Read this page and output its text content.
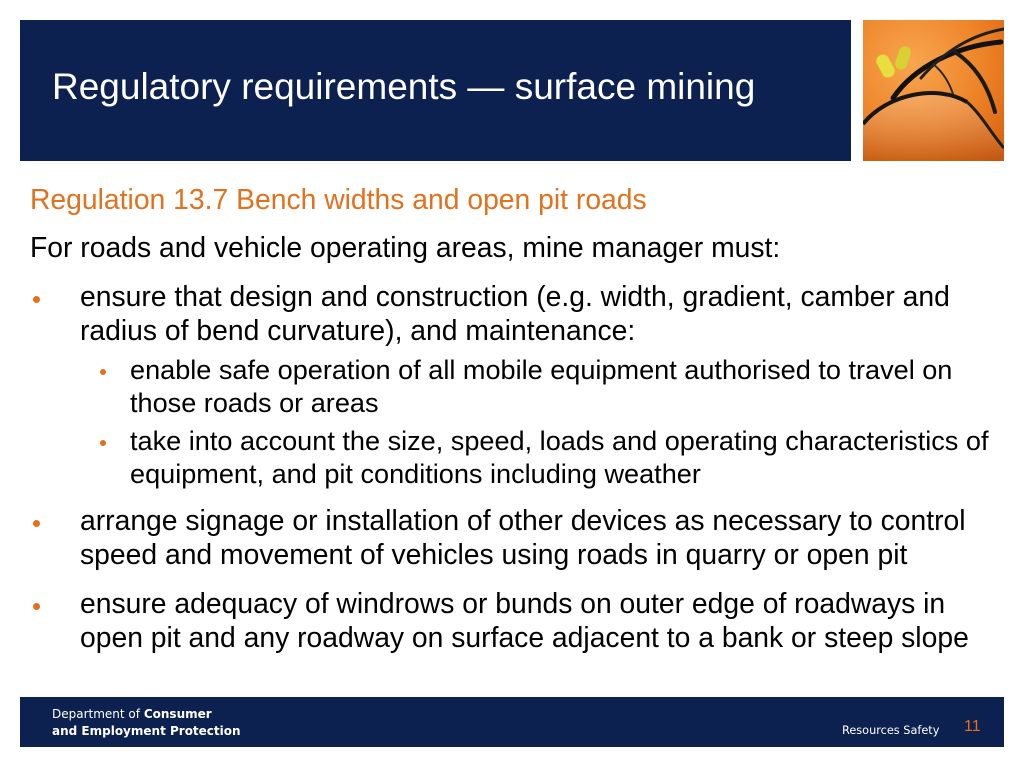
Regulatory requirements — surface mining
Regulation 13.7 Bench widths and open pit roads
For roads and vehicle operating areas, mine manager must:
ensure that design and construction (e.g. width, gradient, camber and
radius of bend curvature), and maintenance:
enable safe operation of all mobile equipment authorised to travel on
those roads or areas
take into account the size, speed, loads and operating characteristics of
equipment, and pit conditions including weather
arrange signage or installation of other devices as necessary to control
speed and movement of vehicles using roads in quarry or open pit
ensure adequacy of windrows or bunds on outer edge of roadways in
open pit and any roadway on surface adjacent to a bank or steep slope
Department of Consumer
and Employment Protection	Resources Safety 11
